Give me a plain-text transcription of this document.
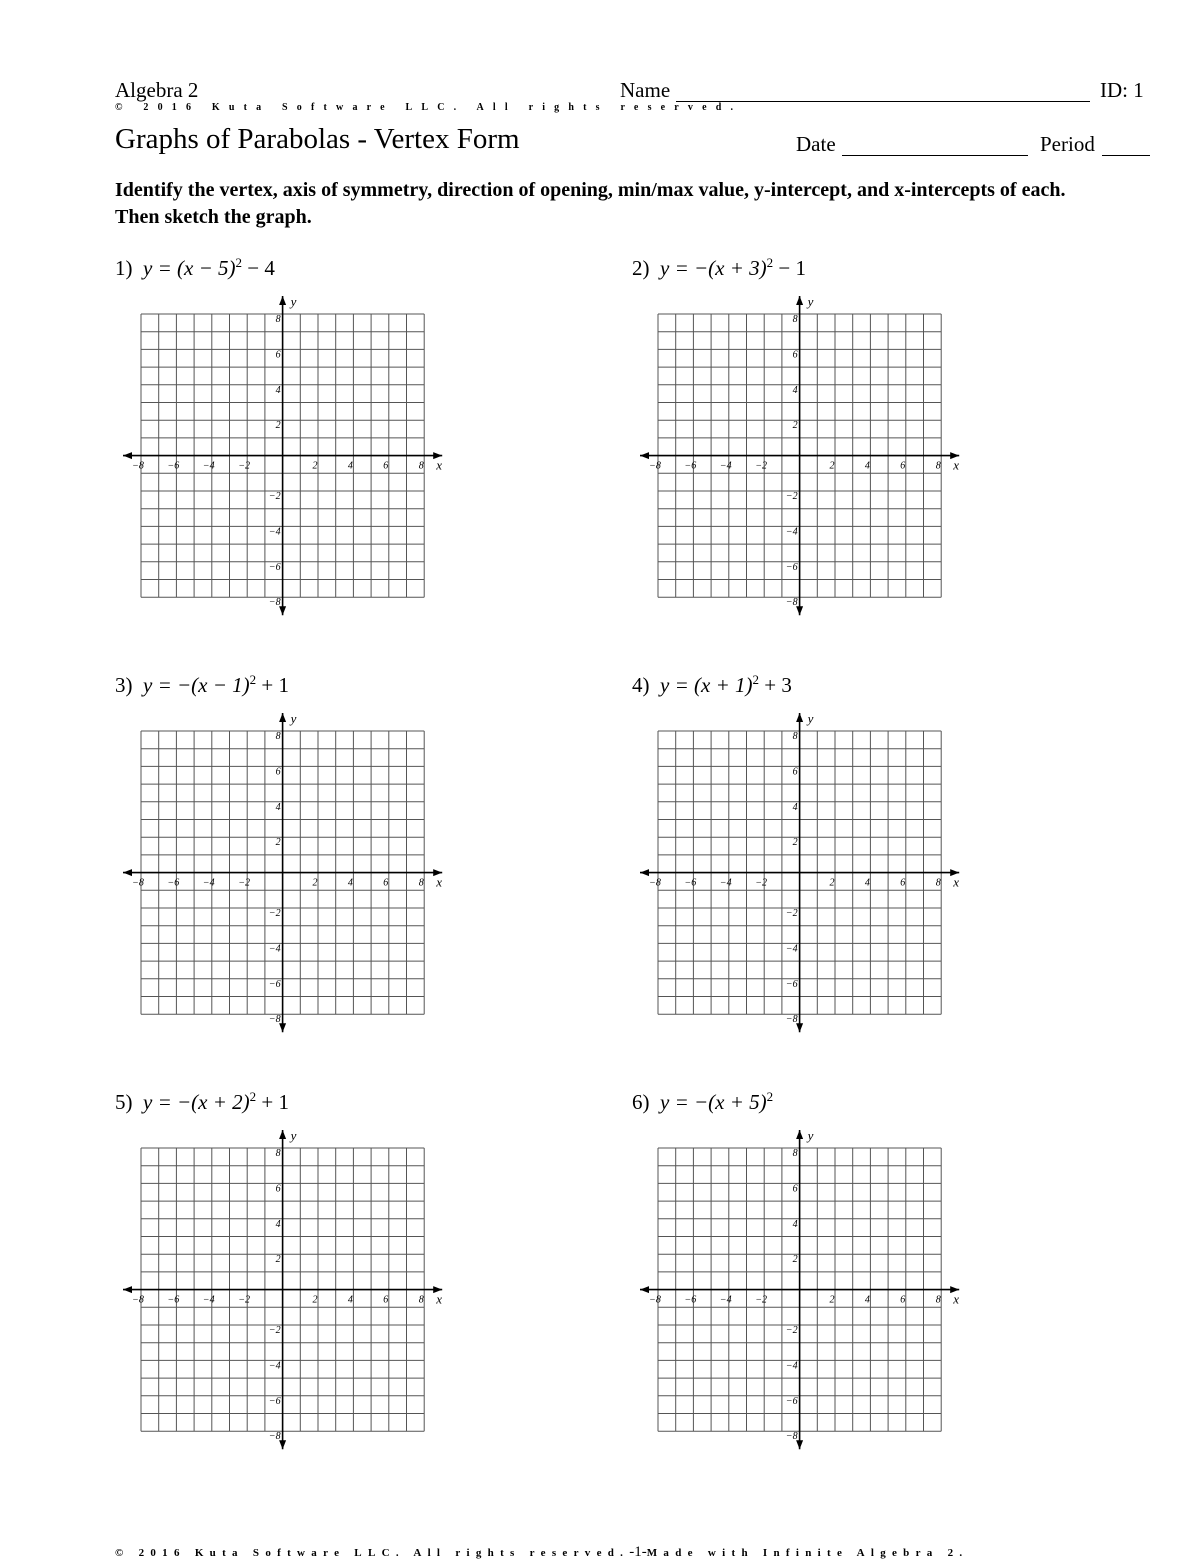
Algebra 2	Name	ID: 1
© 2016 Kuta Software LLC. All rights reserved.
Graphs of Parabolas - Vertex Form	Date	Period
Identify the vertex, axis of symmetry, direction of opening, min/max value, y-intercept, and x-intercepts of each. Then sketch the graph.
1) $y = (x - 5)^2 - 4$	2) $y = -(x + 3)^2 - 1$
3) $y = -(x - 1)^2 + 1$	4) $y = (x + 1)^2 + 3$
5) $y = -(x + 2)^2 + 1$	6) $y = -(x + 5)^2$
x
y
−8 −6 −4 −2	2	4	6	8
8
6
4
2
−2
−4
−6
−8
x
y
−8 −6 −4 −2	2	4	6	8
8
6
4
2
−2
−4
−6
−8
x
y
−8 −6 −4 −2	2	4	6	8
8
6
4
2
−2
−4
−6
−8
x
y
−8 −6 −4 −2	2	4	6	8
8
6
4
2
−2
−4
−6
−8
x
y
−8 −6 −4 −2	2	4	6	8
8
6
4
2
−2
−4
−6
−8
x
y
−8 −6 −4 −2	2	4	6	8
8
6
4
2
−2
−4
−6
−8
© 2016 Kuta Software LLC. All rights reserved.-1-Made with Infinite Algebra 2.
